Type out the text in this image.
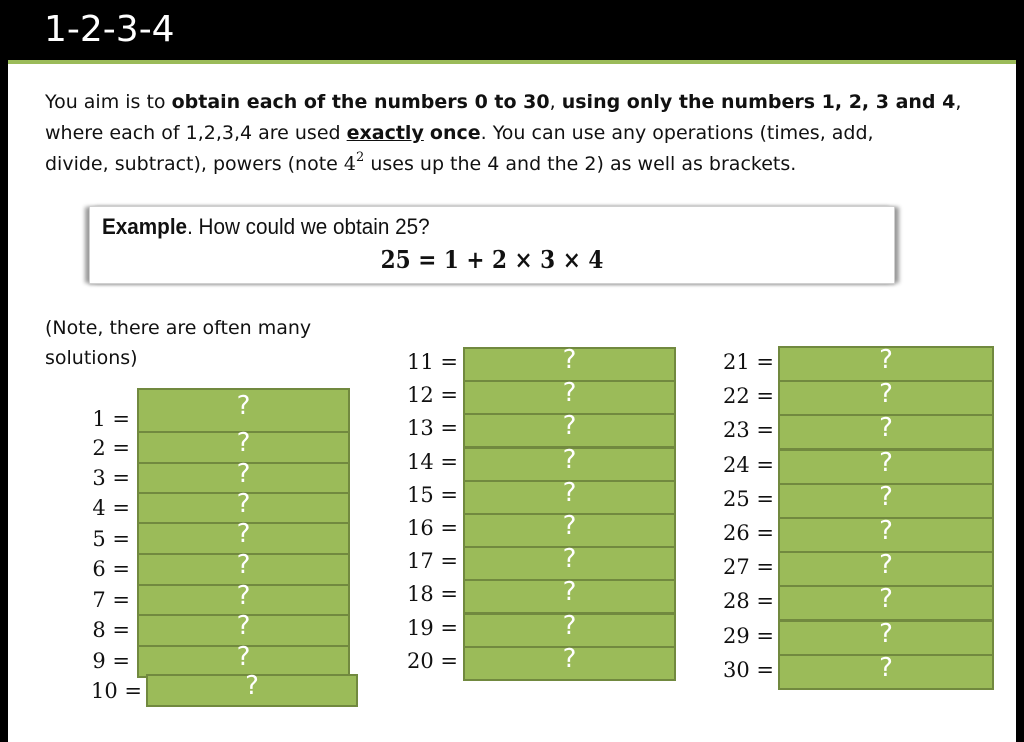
1-2-3-4
You aim is to obtain each of the numbers 0 to 30, using only the numbers 1, 2, 3 and 4,
where each of 1,2,3,4 are used exactly once. You can use any operations (times, add,
divide, subtract), powers (note $4^2$ uses up the 4 and the 2) as well as brackets.
Example. How could we obtain 25?
25 = 1 + 2 × 3 × 4
(Note, there are often many solutions)
1 =	?
2 =	?
3 =	?
4 =	?
5 =	?
6 =	?
7 =	?
8 =	?
9 =	?
10 =	?
11 =	?
12 =	?
13 =	?
14 =	?
15 =	?
16 =	?
17 =	?
18 =	?
19 =	?
20 =	?
21 =	?
22 =	?
23 =	?
24 =	?
25 =	?
26 =	?
27 =	?
28 =	?
29 =	?
30 =	?
